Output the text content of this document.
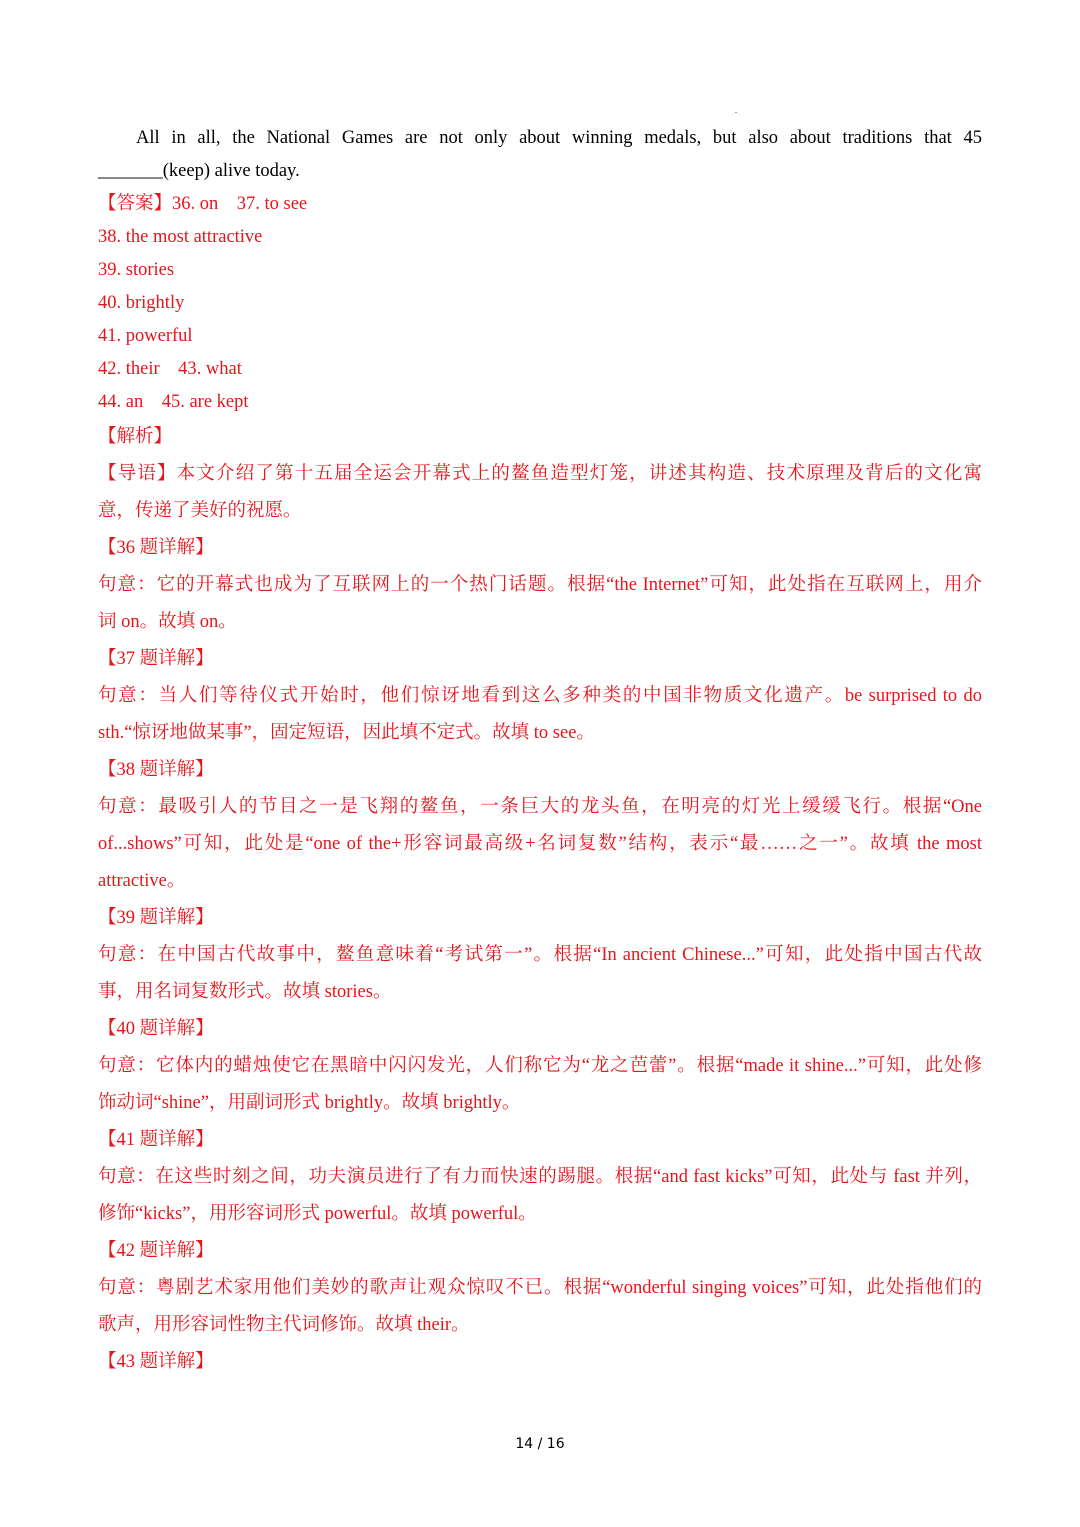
All in all, the National Games are not only about winning medals, but also about traditions that 45
_______(keep) alive today.
【答案】36. on    37. to see
38. the most attractive
39. stories
40. brightly
41. powerful
42. their    43. what
44. an    45. are kept
【解析】
【导语】本文介绍了第十五届全运会开幕式上的鳌鱼造型灯笼，讲述其构造、技术原理及背后的文化寓
意，传递了美好的祝愿。
【36 题详解】
句意：它的开幕式也成为了互联网上的一个热门话题。根据“the Internet”可知，此处指在互联网上，用介
词 on。故填 on。
【37 题详解】
句意：当人们等待仪式开始时，他们惊讶地看到这么多种类的中国非物质文化遗产。be surprised to do
sth.“惊讶地做某事”，固定短语，因此填不定式。故填 to see。
【38 题详解】
句意：最吸引人的节目之一是飞翔的鳌鱼，一条巨大的龙头鱼，在明亮的灯光上缓缓飞行。根据“One
of...shows”可知，此处是“one of the+形容词最高级+名词复数”结构，表示“最……之一”。故填 the most
attractive。
【39 题详解】
句意：在中国古代故事中，鳌鱼意味着“考试第一”。根据“In ancient Chinese...”可知，此处指中国古代故
事，用名词复数形式。故填 stories。
【40 题详解】
句意：它体内的蜡烛使它在黑暗中闪闪发光，人们称它为“龙之芭蕾”。根据“made it shine...”可知，此处修
饰动词“shine”，用副词形式 brightly。故填 brightly。
【41 题详解】
句意：在这些时刻之间，功夫演员进行了有力而快速的踢腿。根据“and fast kicks”可知，此处与 fast 并列，
修饰“kicks”，用形容词形式 powerful。故填 powerful。
【42 题详解】
句意：粤剧艺术家用他们美妙的歌声让观众惊叹不已。根据“wonderful singing voices”可知，此处指他们的
歌声，用形容词性物主代词修饰。故填 their。
【43 题详解】
14 / 16
